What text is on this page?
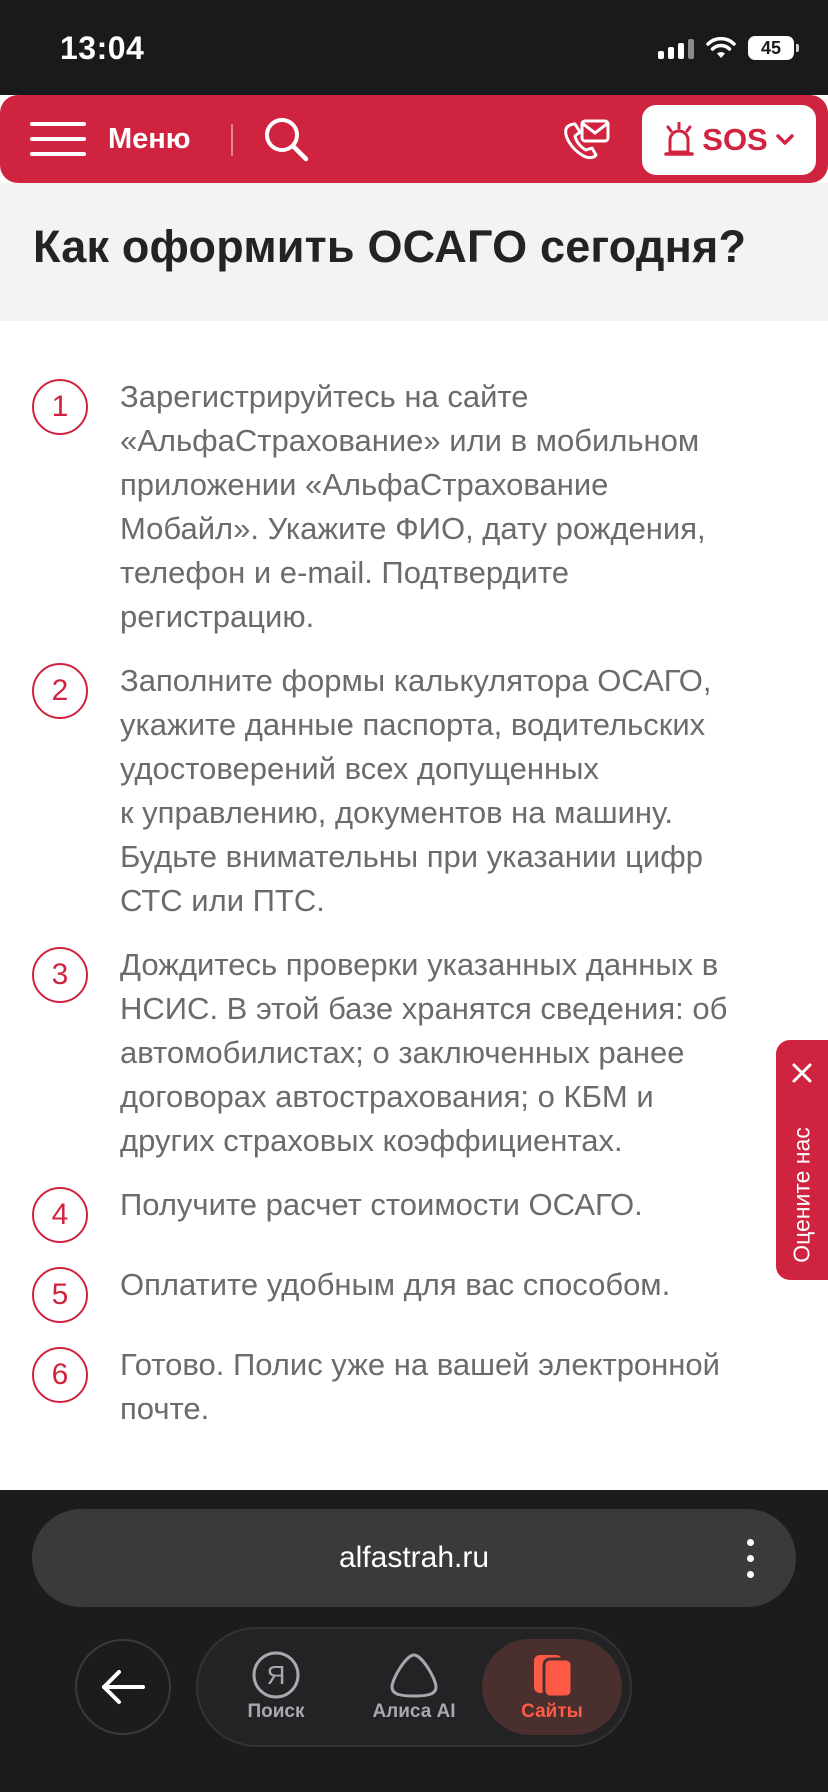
13:04	45
Меню	SOS
Как оформить ОСАГО сегодня?
1	Зарегистрируйтесь на сайте
«АльфаСтрахование» или в мобильном
приложении «АльфаСтрахование
Мобайл». Укажите ФИО, дату рождения,
телефон и e-mail. Подтвердите
регистрацию.

2	Заполните формы калькулятора ОСАГО,
укажите данные паспорта, водительских
удостоверений всех допущенных
к управлению, документов на машину.
Будьте внимательны при указании цифр
СТС или ПТС.

3	Дождитесь проверки указанных данных в
НСИС. В этой базе хранятся сведения: об
автомобилистах; о заключенных ранее
договорах автострахования; о КБМ и
других страховых коэффициентах.

4	Получите расчет стоимости ОСАГО.

5	Оплатите удобным для вас способом.

6	Готово. Полис уже на вашей электронной
почте.

Оцените нас
alfastrah.ru
Я
Поиск	Алиса AI	Сайты
